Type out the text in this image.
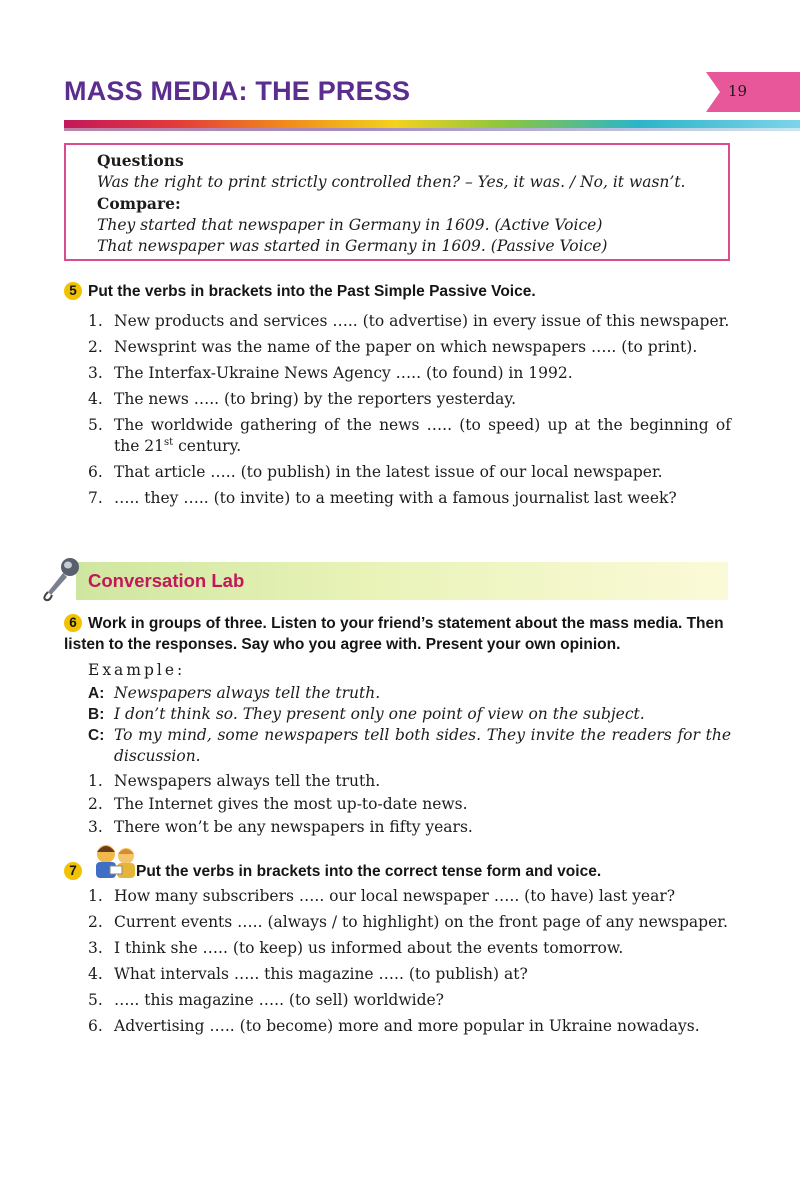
MASS MEDIA: THE PRESS	19
Questions
Was the right to print strictly controlled then? – Yes, it was. / No, it wasn’t.
Compare:
They started that newspaper in Germany in 1609. (Active Voice)
That newspaper was started in Germany in 1609. (Passive Voice)
5 Put the verbs in brackets into the Past Simple Passive Voice.
1. New products and services ….. (to advertise) in every issue of this newspaper.
2. Newsprint was the name of the paper on which newspapers ….. (to print).
3. The Interfax-Ukraine News Agency ….. (to found) in 1992.
4. The news ….. (to bring) by the reporters yesterday.
5. The worldwide gathering of the news ….. (to speed) up at the beginning of the 21st century.
6. That article ….. (to publish) in the latest issue of our local newspaper.
7. ….. they ….. (to invite) to a meeting with a famous journalist last week?
Conversation Lab
6 Work in groups of three. Listen to your friend’s statement about the mass media. Then listen to the responses. Say who you agree with. Present your own opinion.
Example:
A: Newspapers always tell the truth.
B: I don’t think so. They present only one point of view on the subject.
C: To my mind, some newspapers tell both sides. They invite the readers for the discussion.
1. Newspapers always tell the truth.
2. The Internet gives the most up-to-date news.
3. There won’t be any newspapers in fifty years.
7	Put the verbs in brackets into the correct tense form and voice.
1. How many subscribers ….. our local newspaper ….. (to have) last year?
2. Current events ….. (always / to highlight) on the front page of any newspaper.
3. I think she ….. (to keep) us informed about the events tomorrow.
4. What intervals ….. this magazine ….. (to publish) at?
5. ….. this magazine ….. (to sell) worldwide?
6. Advertising ….. (to become) more and more popular in Ukraine nowadays.
